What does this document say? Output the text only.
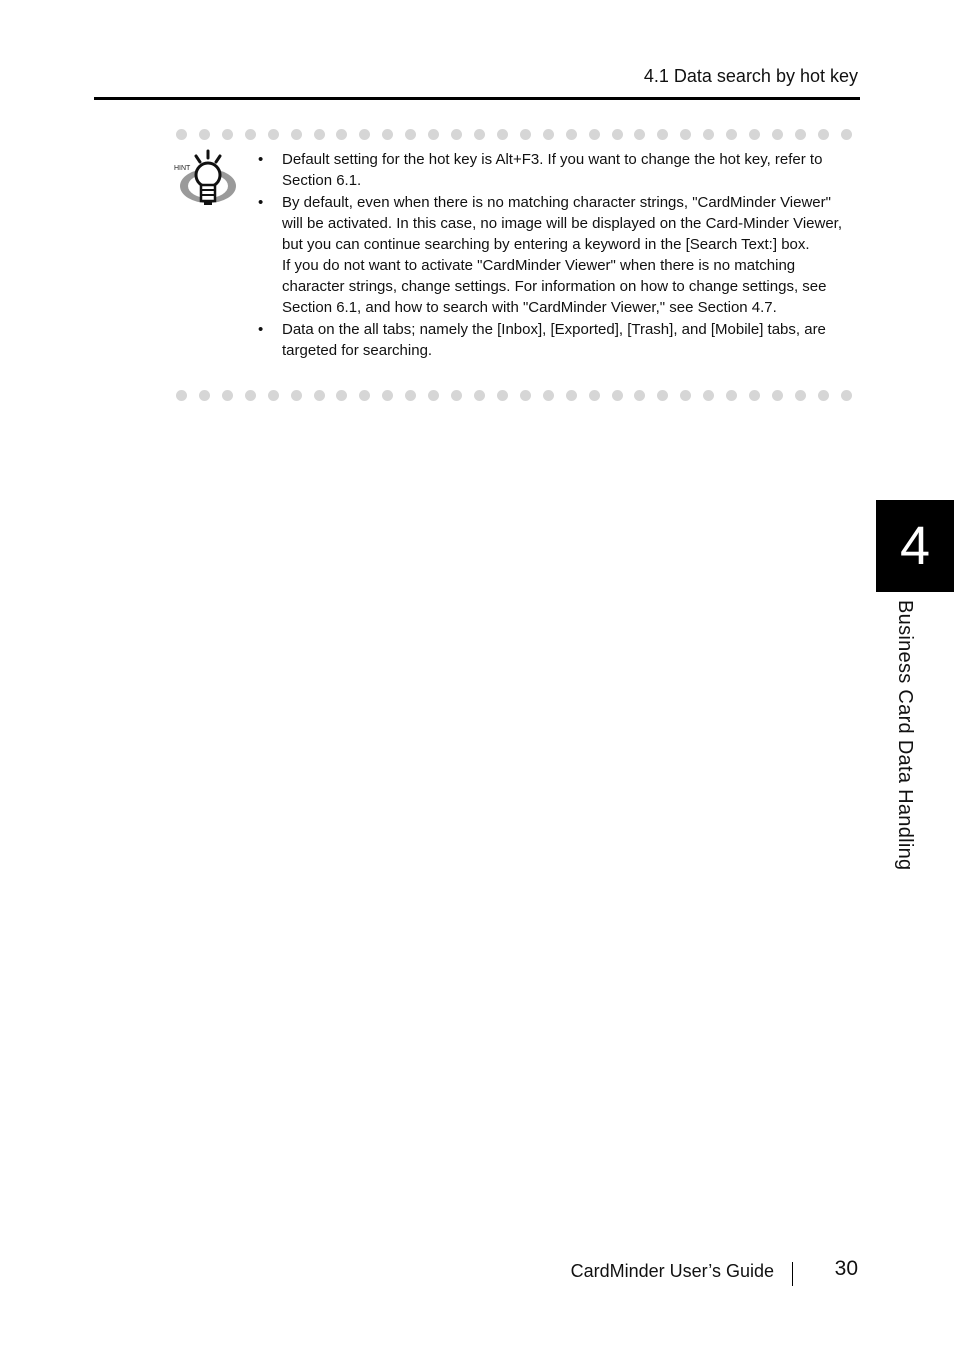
4.1 Data search by hot key
HINT
• Default setting for the hot key is Alt+F3. If you want to change the hot key, refer to Section 6.1.

• By default, even when there is no matching character strings, "CardMinder Viewer" will be activated. In this case, no image will be displayed on the Card-Minder Viewer, but you can continue searching by entering a keyword in the [Search Text:] box.

If you do not want to activate "CardMinder Viewer" when there is no matching character strings, change settings. For information on how to change settings, see Section 6.1, and how to search with "CardMinder Viewer," see Section 4.7.

• Data on the all tabs; namely the [Inbox], [Exported], [Trash], and [Mobile] tabs, are targeted for searching.

4
Business Card Data Handling
CardMinder User’s Guide	30
